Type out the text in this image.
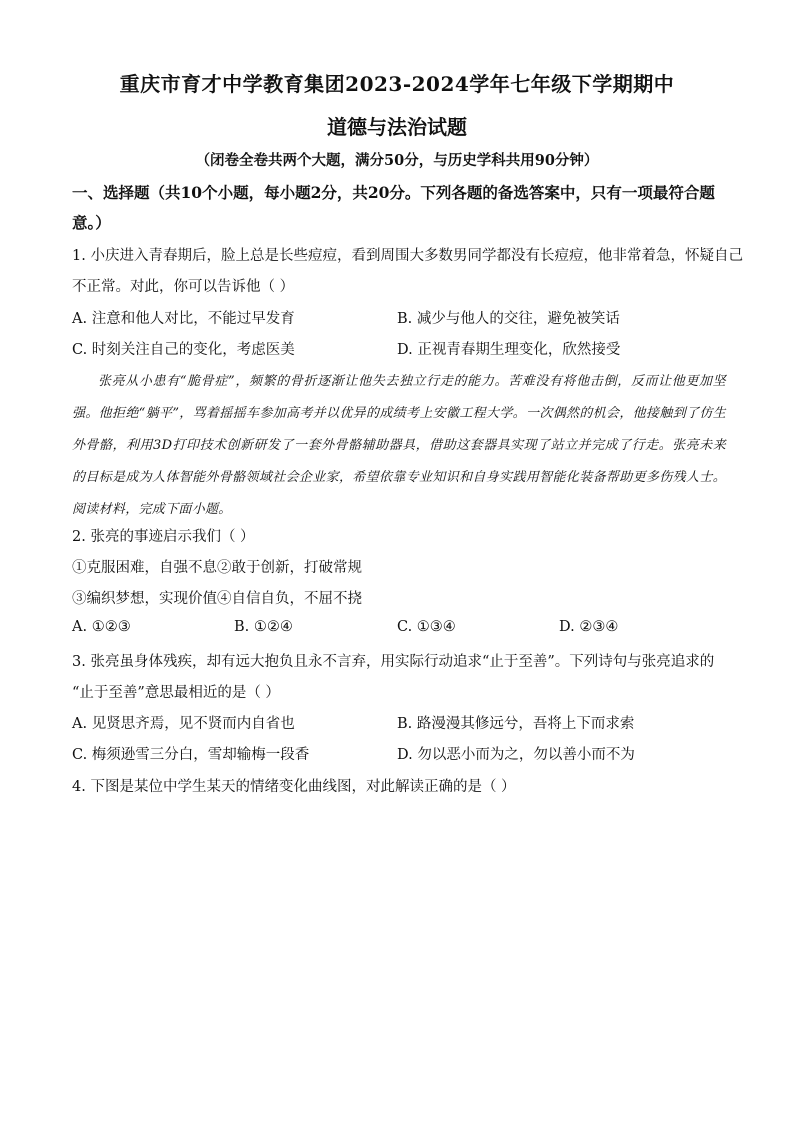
重庆市育才中学教育集团2023-2024学年七年级下学期期中
道德与法治试题
（闭卷全卷共两个大题，满分50分，与历史学科共用90分钟）
一、选择题（共10个小题，每小题2分，共20分。下列各题的备选答案中，只有一项最符合题意。）
1. 小庆进入青春期后，脸上总是长些痘痘，看到周围大多数男同学都没有长痘痘，他非常着急，怀疑自己
不正常。对此，你可以告诉他（ ）
A. 注意和他人对比，不能过早发育	B. 减少与他人的交往，避免被笑话
C. 时刻关注自己的变化，考虑医美	D. 正视青春期生理变化，欣然接受
张亮从小患有“脆骨症”，频繁的骨折逐渐让他失去独立行走的能力。苦难没有将他击倒，反而让他更加坚强。他拒绝“躺平”，骂着摇摇车参加高考并以优异的成绩考上安徽工程大学。一次偶然的机会，他接触到了仿生外骨骼，利用3D打印技术创新研发了一套外骨骼辅助器具，借助这套器具实现了站立并完成了行走。张亮未来的目标是成为人体智能外骨骼领域社会企业家，希望依靠专业知识和自身实践用智能化装备帮助更多伤残人士。阅读材料，完成下面小题。
2. 张亮的事迹启示我们（ ）
①克服困难，自强不息②敢于创新，打破常规
③编织梦想，实现价值④自信自负，不屈不挠
A. ①②③	B. ①②④	C. ①③④	D. ②③④
3. 张亮虽身体残疾，却有远大抱负且永不言弃，用实际行动追求“止于至善”。下列诗句与张亮追求的
“止于至善”意思最相近的是（ ）
A. 见贤思齐焉，见不贤而内自省也	B. 路漫漫其修远兮，吾将上下而求索
C. 梅须逊雪三分白，雪却输梅一段香	D. 勿以恶小而为之，勿以善小而不为
4. 下图是某位中学生某天的情绪变化曲线图，对此解读正确的是（ ）
